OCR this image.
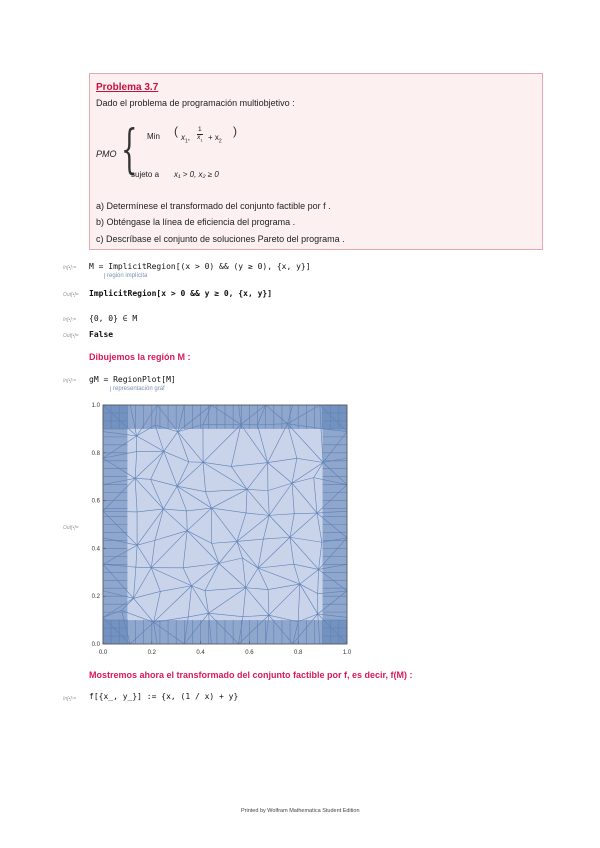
Problema 3.7
Dado el problema de programación multiobjetivo :
PMO { Min ( $x_1$, $\frac{1}{x_1} + x_2$
)
sujeto a x₁ > 0, x₂ ≥ 0
a) Determínese el transformado del conjunto factible por f .
b) Obténgase la línea de eficiencia del programa .
c) Descríbase el conjunto de soluciones Pareto del programa .
In[•]:= M = ImplicitRegion[(x > 0) && (y ≥ 0), {x, y}]
región implícita
Out[•]= ImplicitRegion[x > 0 && y ≥ 0, {x, y}]
In[•]:= {0, 0} ∈ M
Out[•]= False
Dibujemos la región M :
In[•]:= gM = RegionPlot[M]
representación gráf
Out[•]=
0.0	0.2	0.4	0.6	0.8	1.0
0.0
0.2
0.4
0.6
0.8
1.0
Mostremos ahora el transformado del conjunto factible por f, es decir, f(M) :
In[•]:= f[{x_, y_}] := {x, (1 / x) + y}
Printed by Wolfram Mathematica Student Edition
